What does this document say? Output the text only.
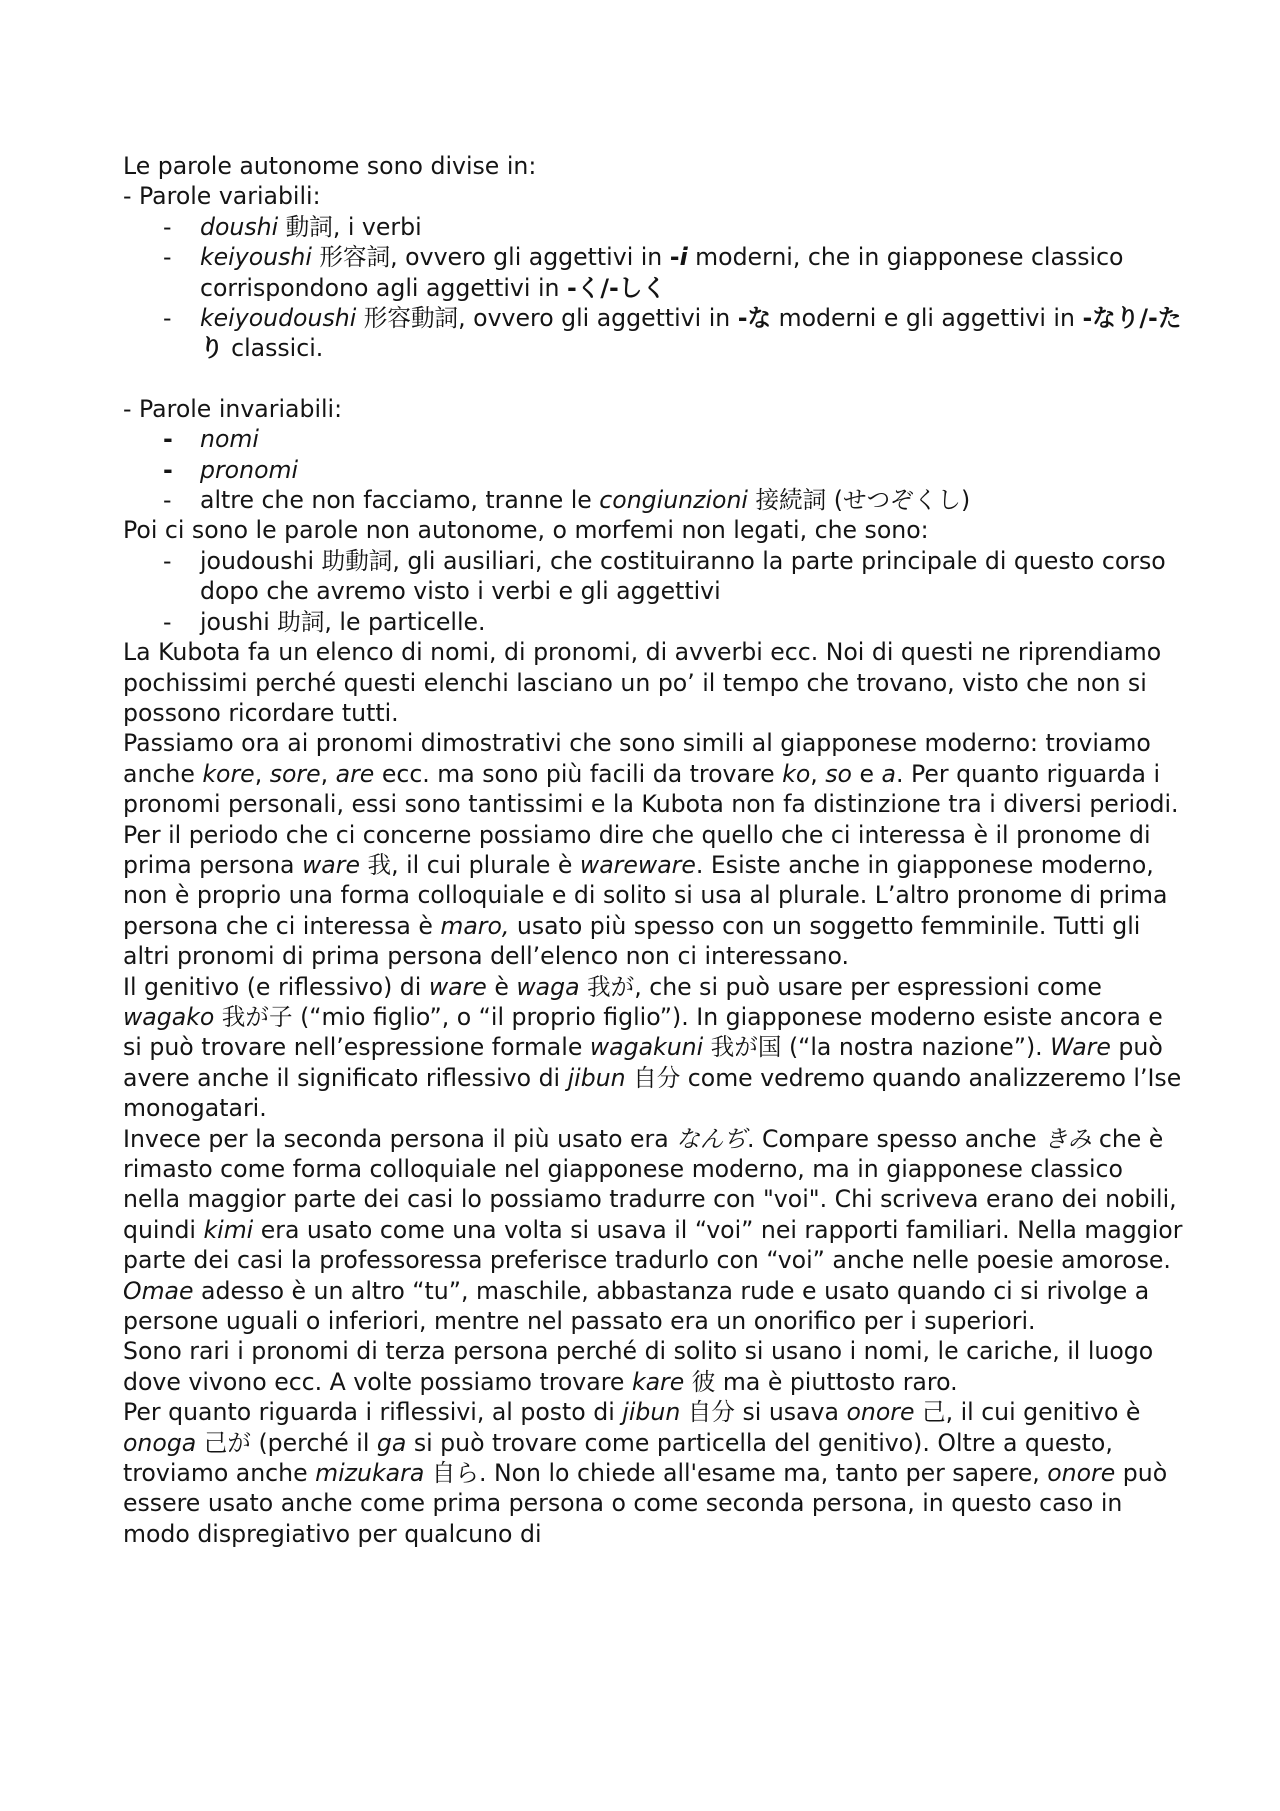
Le parole autonome sono divise in:

- Parole variabili:

- doushi 動詞, i verbi
- keiyoushi 形容詞, ovvero gli aggettivi in -i moderni, che in giapponese classico corrispondono agli aggettivi in -く/-しく
- keiyoudoushi 形容動詞, ovvero gli aggettivi in -な moderni e gli aggettivi in -なり/-たり classici.

- Parole invariabili:

- nomi
- pronomi
- altre che non facciamo, tranne le congiunzioni 接続詞 (せつぞくし)

Poi ci sono le parole non autonome, o morfemi non legati, che sono:

- joudoushi 助動詞, gli ausiliari, che costituiranno la parte principale di questo corso dopo che avremo visto i verbi e gli aggettivi
- joushi 助詞, le particelle.

La Kubota fa un elenco di nomi, di pronomi, di avverbi ecc. Noi di questi ne riprendiamo pochissimi perché questi elenchi lasciano un po’ il tempo che trovano, visto che non si possono ricordare tutti.

Passiamo ora ai pronomi dimostrativi che sono simili al giapponese moderno: troviamo anche kore, sore, are ecc. ma sono più facili da trovare ko, so e a. Per quanto riguarda i pronomi personali, essi sono tantissimi e la Kubota non fa distinzione tra i diversi periodi. Per il periodo che ci concerne possiamo dire che quello che ci interessa è il pronome di prima persona ware 我, il cui plurale è wareware. Esiste anche in giapponese moderno, non è proprio una forma colloquiale e di solito si usa al plurale. L’altro pronome di prima persona che ci interessa è maro, usato più spesso con un soggetto femminile. Tutti gli altri pronomi di prima persona dell’elenco non ci interessano.

Il genitivo (e riflessivo) di ware è waga 我が, che si può usare per espressioni come wagako 我が子 (“mio figlio”, o “il proprio figlio”). In giapponese moderno esiste ancora e si può trovare nell’espressione formale wagakuni 我が国 (“la nostra nazione”). Ware può avere anche il significato riflessivo di jibun 自分 come vedremo quando analizzeremo l’Ise monogatari.

Invece per la seconda persona il più usato era なんぢ. Compare spesso anche きみ che è rimasto come forma colloquiale nel giapponese moderno, ma in giapponese classico nella maggior parte dei casi lo possiamo tradurre con "voi". Chi scriveva erano dei nobili, quindi kimi era usato come una volta si usava il “voi” nei rapporti familiari. Nella maggior parte dei casi la professoressa preferisce tradurlo con “voi” anche nelle poesie amorose. Omae adesso è un altro “tu”, maschile, abbastanza rude e usato quando ci si rivolge a persone uguali o inferiori, mentre nel passato era un onorifico per i superiori.

Sono rari i pronomi di terza persona perché di solito si usano i nomi, le cariche, il luogo dove vivono ecc. A volte possiamo trovare kare 彼 ma è piuttosto raro.

Per quanto riguarda i riflessivi, al posto di jibun 自分 si usava onore 己, il cui genitivo è onoga 己が (perché il ga si può trovare come particella del genitivo). Oltre a questo, troviamo anche mizukara 自ら. Non lo chiede all'esame ma, tanto per sapere, onore può essere usato anche come prima persona o come seconda persona, in questo caso in modo dispregiativo per qualcuno di
